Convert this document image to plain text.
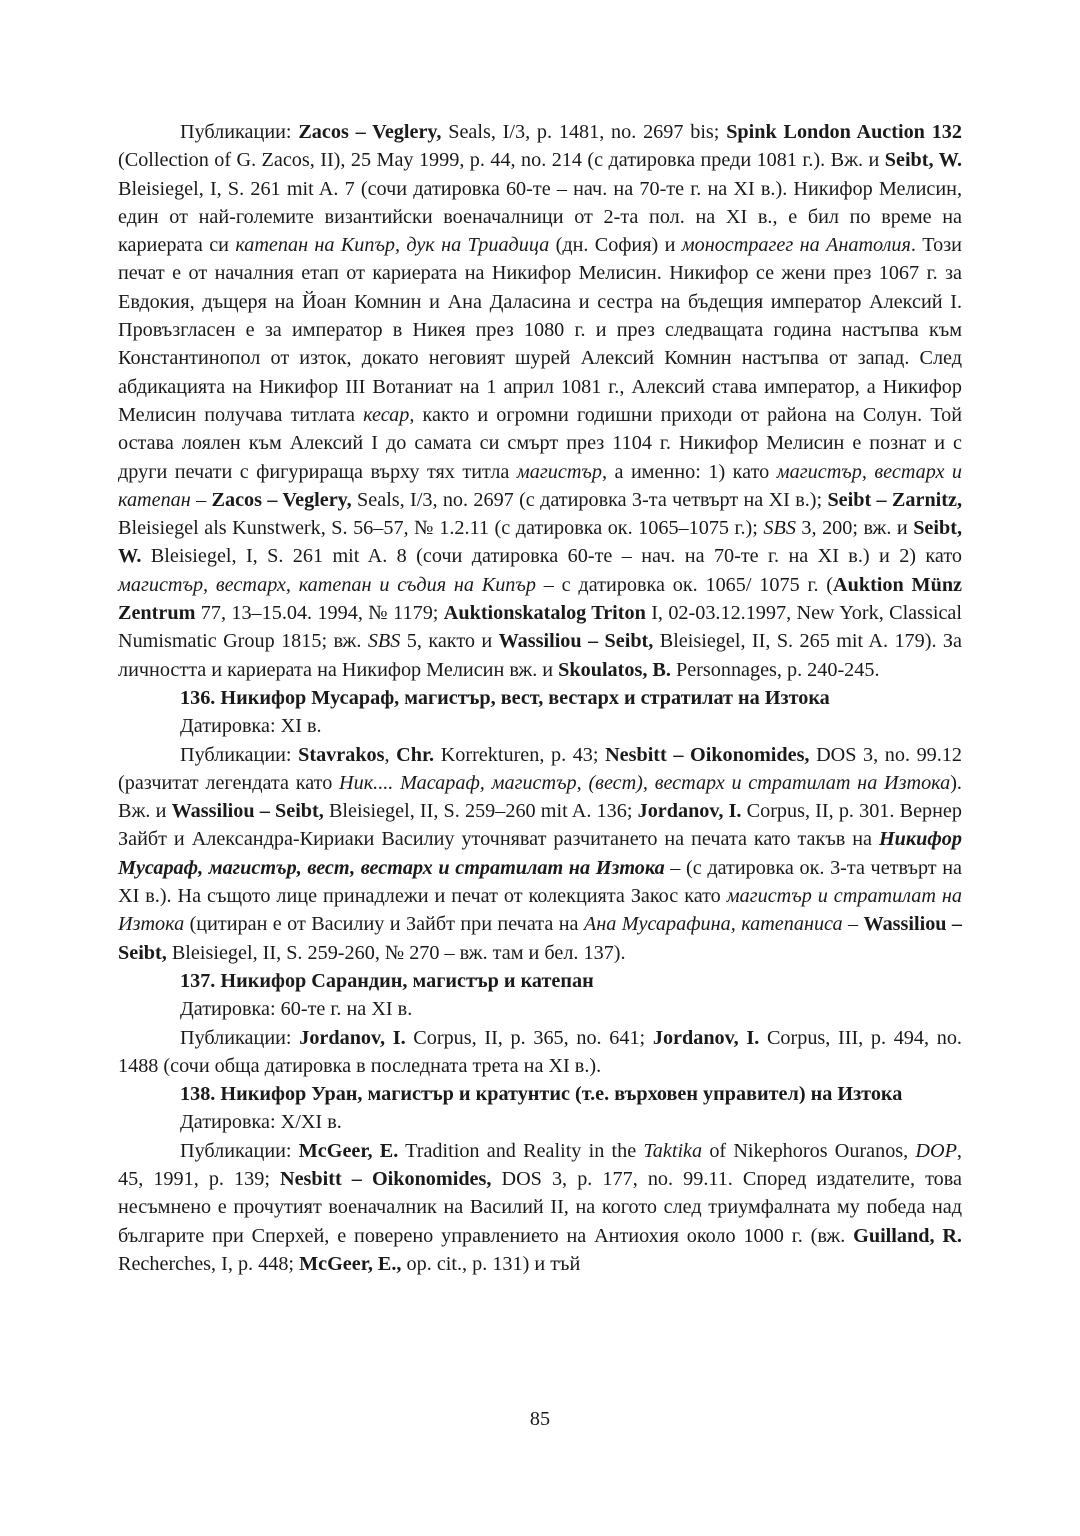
Публикации: Zacos – Veglery, Seals, I/3, p. 1481, no. 2697 bis; Spink London Auction 132 (Collection of G. Zacos, II), 25 May 1999, p. 44, no. 214 (с датировка преди 1081 г.). Вж. и Seibt, W. Bleisiegel, I, S. 261 mit A. 7 (сочи датировка 60-те – нач. на 70-те г. на XI в.). Никифор Мелисин, един от най-големите византийски военачалници от 2-та пол. на XI в., е бил по време на кариерата си катепан на Кипър, дук на Триадица (дн. София) и монострагег на Анатолия. Този печат е от началния етап от кариерата на Никифор Мелисин. Никифор се жени през 1067 г. за Евдокия, дъщеря на Йоан Комнин и Ана Даласина и сестра на бъдещия император Алексий I. Провъзгласен е за император в Никея през 1080 г. и през следващата година настъпва към Константинопол от изток, докато неговият шурей Алексий Комнин настъпва от запад. След абдикацията на Никифор III Вотаниат на 1 април 1081 г., Алексий става император, а Никифор Мелисин получава титлата кесар, както и огромни годишни приходи от района на Солун. Той остава лоялен към Алексий I до самата си смърт през 1104 г. Никифор Мелисин е познат и с други печати с фигурираща върху тях титла магистър, а именно: 1) като магистър, вестарх и катепан – Zacos – Veglery, Seals, I/3, no. 2697 (с датировка 3-та четвърт на XI в.); Seibt – Zarnitz, Bleisiegel als Kunstwerk, S. 56–57, № 1.2.11 (с датировка ок. 1065–1075 г.); SBS 3, 200; вж. и Seibt, W. Bleisiegel, I, S. 261 mit A. 8 (сочи датировка 60-те – нач. на 70-те г. на XI в.) и 2) като магистър, вестарх, катепан и съдия на Кипър – с датировка ок. 1065/ 1075 г. (Auktion Münz Zentrum 77, 13–15.04. 1994, № 1179; Auktionskatalog Triton I, 02-03.12.1997, New York, Classical Numismatic Group 1815; вж. SBS 5, както и Wassiliou – Seibt, Bleisiegel, II, S. 265 mit A. 179). За личността и кариерата на Никифор Мелисин вж. и Skoulatos, B. Personnages, p. 240-245.

136. Никифор Мусараф, магистър, вест, вестарх и стратилат на Изтока

Датировка: XI в.

Публикации: Stavrakos, Chr. Korrekturen, p. 43; Nesbitt – Oikonomides, DOS 3, no. 99.12 (разчитат легендата като Ник.... Масараф, магистър, (вест), вестарх и стратилат на Изтока). Вж. и Wassiliou – Seibt, Bleisiegel, II, S. 259–260 mit A. 136; Jordanov, I. Corpus, II, p. 301. Вернер Зайбт и Александра-Кириаки Василиу уточняват разчитането на печата като такъв на Никифор Мусараф, магистър, вест, вестарх и стратилат на Изтока – (с датировка ок. 3-та четвърт на XI в.). На същото лице принадлежи и печат от колекцията Закос като магистър и стратилат на Изтока (цитиран е от Василиу и Зайбт при печата на Ана Мусарафина, катепаниса – Wassiliou – Seibt, Bleisiegel, II, S. 259-260, № 270 – вж. там и бел. 137).

137. Никифор Сарандин, магистър и катепан

Датировка: 60-те г. на XI в.

Публикации: Jordanov, I. Corpus, II, p. 365, no. 641; Jordanov, I. Corpus, III, p. 494, no. 1488 (сочи обща датировка в последната трета на XI в.).

138. Никифор Уран, магистър и кратунтис (т.е. върховен управител) на Изтока

Датировка: X/XI в.

Публикации: McGeer, E. Tradition and Reality in the Taktika of Nikephoros Ouranos, DOP, 45, 1991, p. 139; Nesbitt – Oikonomides, DOS 3, p. 177, no. 99.11. Според издателите, това несъмнено е прочутият военачалник на Василий II, на когото след триумфалната му победа над българите при Сперхей, е поверено управлението на Антиохия около 1000 г. (вж. Guilland, R. Recherches, I, p. 448; McGeer, E., op. cit., p. 131) и тъй

85
